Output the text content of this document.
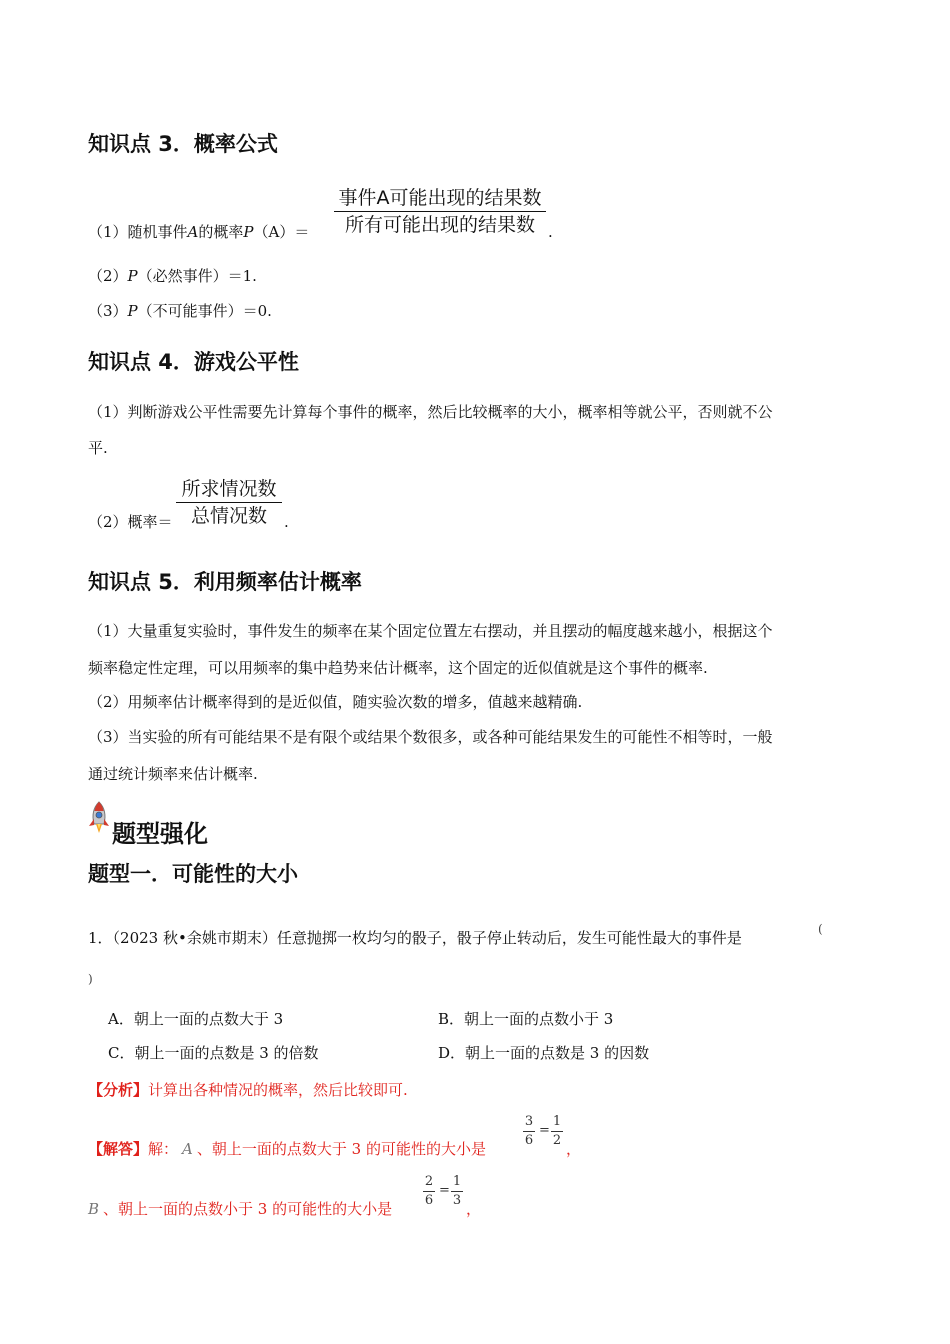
知识点 3．概率公式
（1）随机事件A的概率P（A）＝
事件A可能出现的结果数
所有可能出现的结果数 .
（2）P（必然事件）＝1.
（3）P（不可能事件）＝0.
知识点 4．游戏公平性
（1）判断游戏公平性需要先计算每个事件的概率，然后比较概率的大小，概率相等就公平，否则就不公
平.
（2）概率＝
所求情况数
总情况数	.
知识点 5．利用频率估计概率
（1）大量重复实验时，事件发生的频率在某个固定位置左右摆动，并且摆动的幅度越来越小，根据这个
频率稳定性定理，可以用频率的集中趋势来估计概率，这个固定的近似值就是这个事件的概率.
（2）用频率估计概率得到的是近似值，随实验次数的增多，值越来越精确.
（3）当实验的所有可能结果不是有限个或结果个数很多，或各种可能结果发生的可能性不相等时，一般
通过统计频率来估计概率.
题型强化
题型一．可能性的大小
1．（2023 秋•余姚市期末）任意抛掷一枚均匀的骰子，骰子停止转动后，发生可能性最大的事件是	(
)
A．朝上一面的点数大于 3	B．朝上一面的点数小于 3
C．朝上一面的点数是 3 的倍数	D．朝上一面的点数是 3 的因数
【分析】计算出各种情况的概率，然后比较即可.
【解答】解： A 、朝上一面的点数大于 3 的可能性的大小是
3
6
=
1
2 ，
B 、朝上一面的点数小于 3 的可能性的大小是
2
6
=
1
3 ，
